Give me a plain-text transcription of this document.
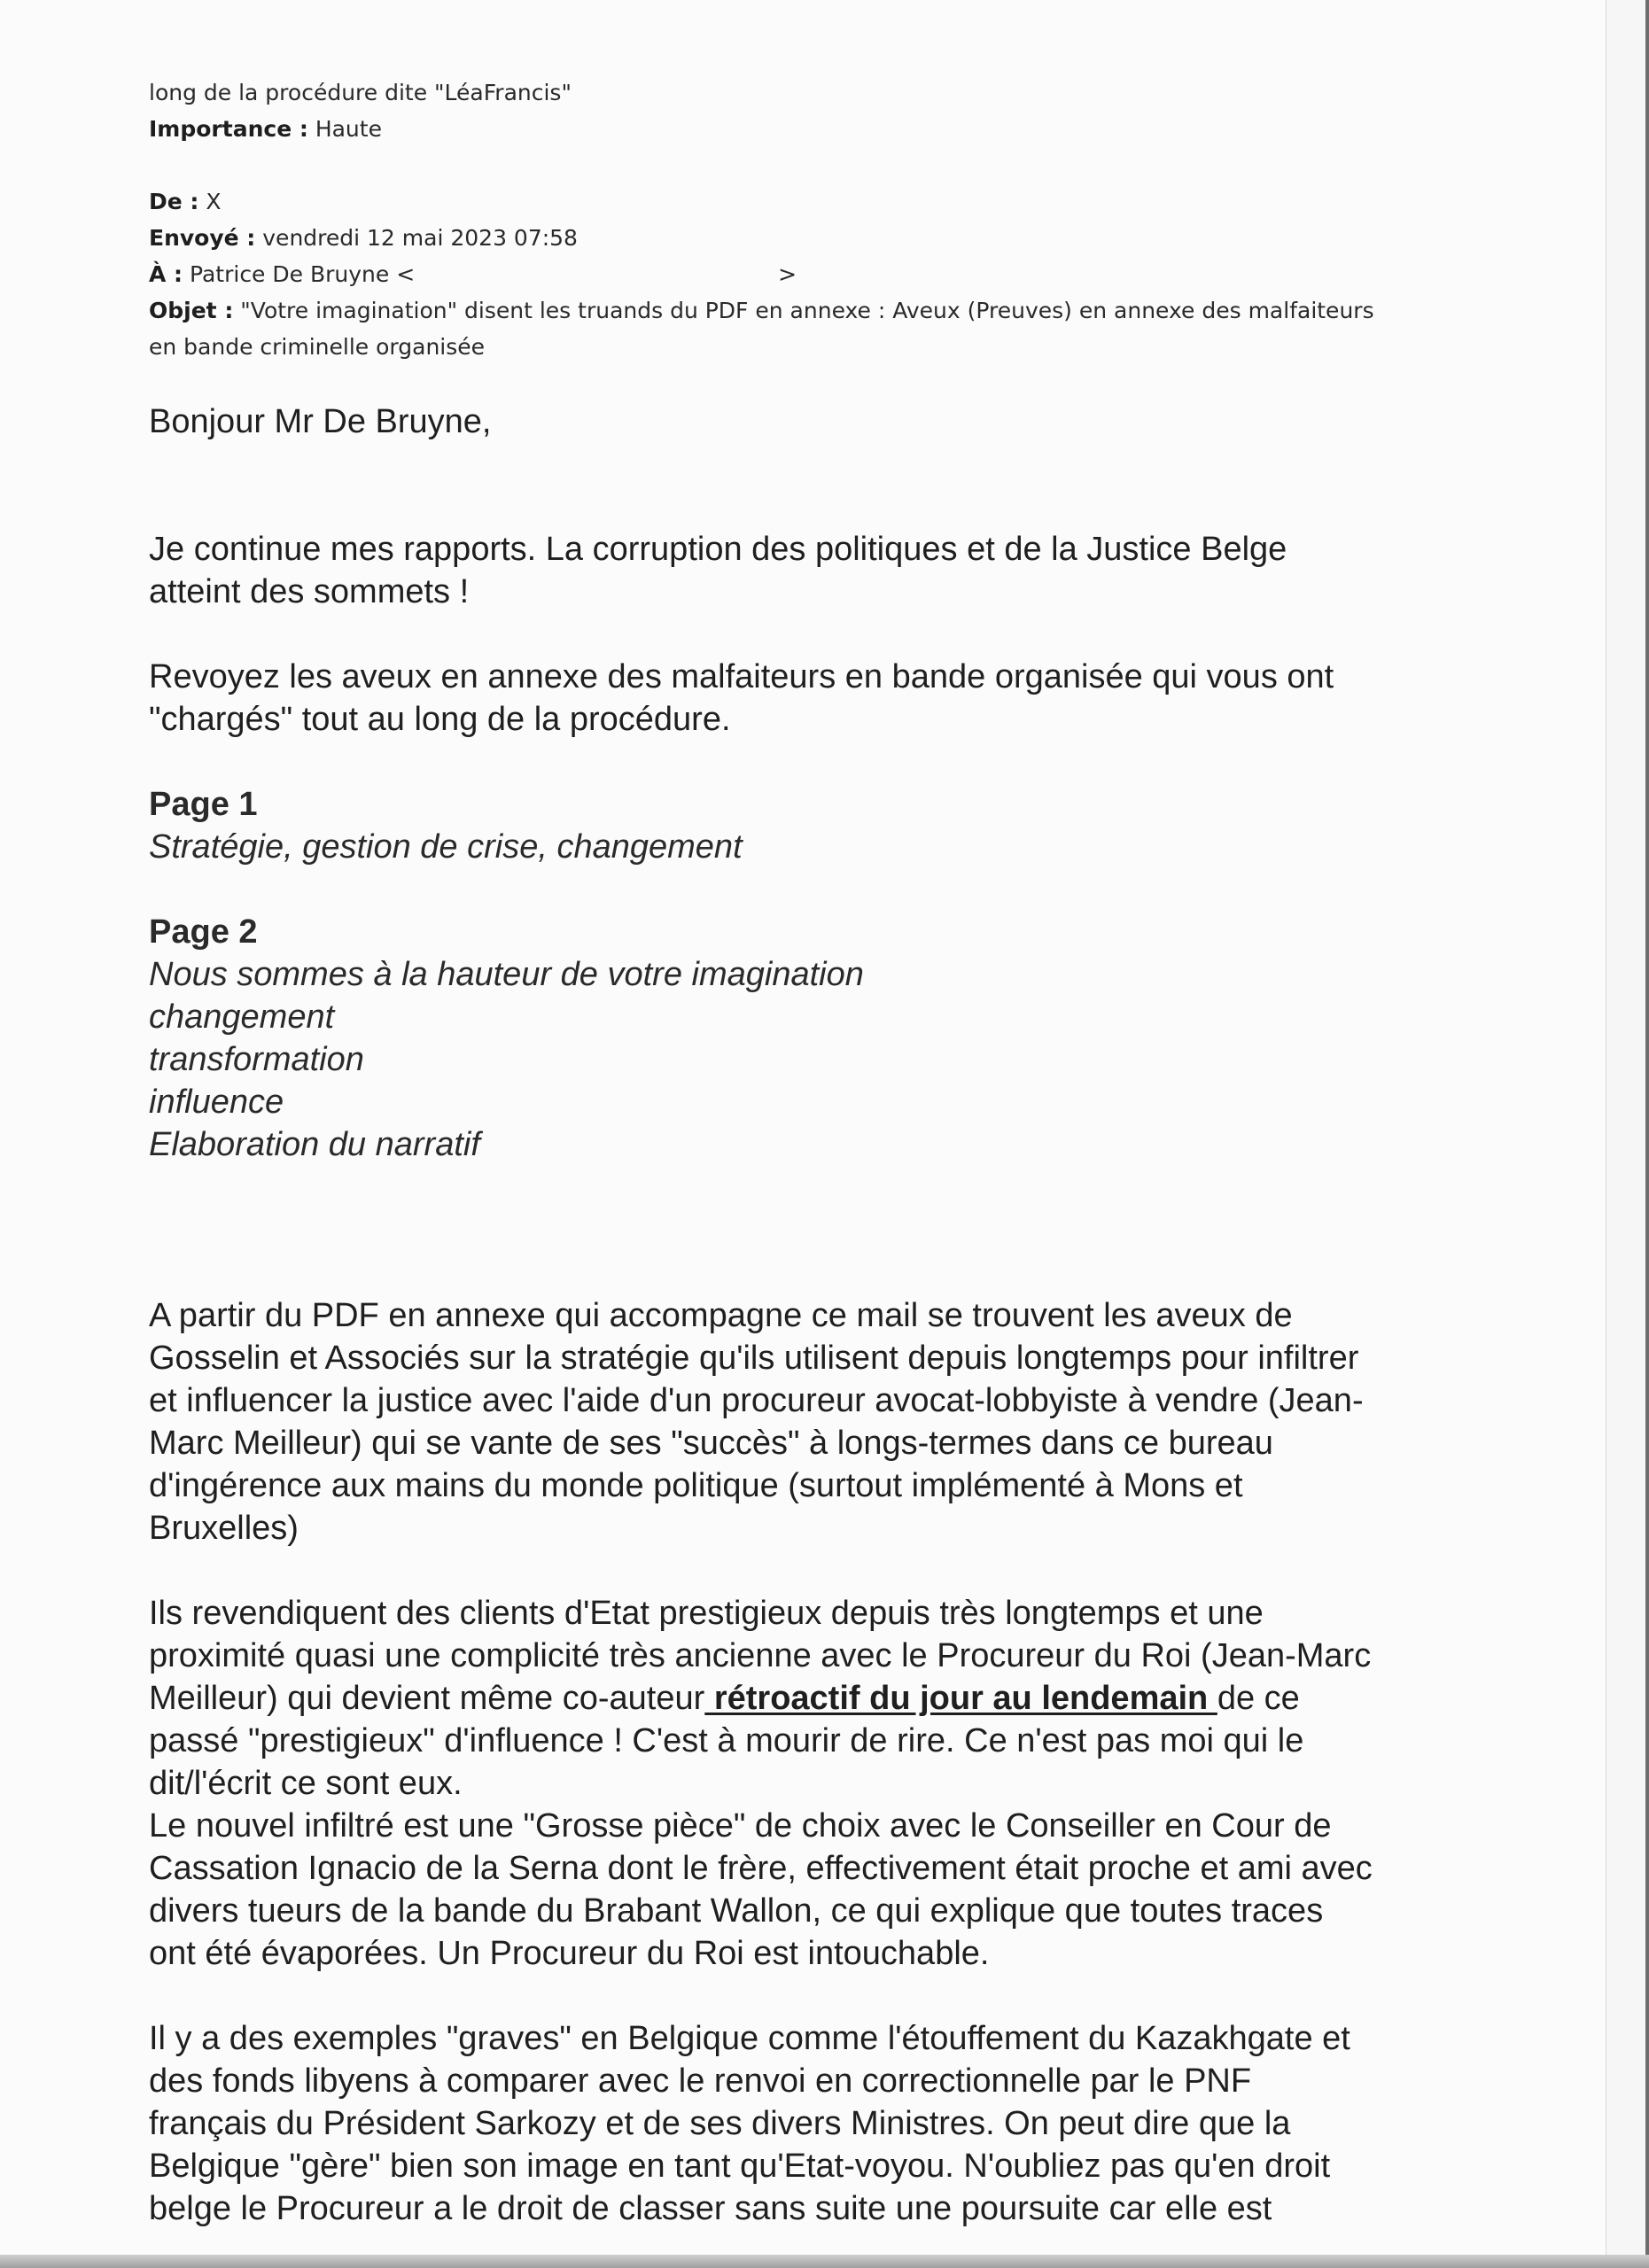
long de la procédure dite "LéaFrancis"
Importance : Haute
De : X
Envoyé : vendredi 12 mai 2023 07:58
À : Patrice De Bruyne <	>
Objet : "Votre imagination" disent les truands du PDF en annexe : Aveux (Preuves) en annexe des malfaiteurs
en bande criminelle organisée

Bonjour Mr De Bruyne,

Je continue mes rapports. La corruption des politiques et de la Justice Belge

atteint des sommets !

Revoyez les aveux en annexe des malfaiteurs en bande organisée qui vous ont

"chargés" tout au long de la procédure.

Page 1

Stratégie, gestion de crise, changement

Page 2

Nous sommes à la hauteur de votre imagination

changement

transformation

influence

Elaboration du narratif

A partir du PDF en annexe qui accompagne ce mail se trouvent les aveux de

Gosselin et Associés sur la stratégie qu'ils utilisent depuis longtemps pour infiltrer

et influencer la justice avec l'aide d'un procureur avocat-lobbyiste à vendre (Jean-

Marc Meilleur) qui se vante de ses "succès" à longs-termes dans ce bureau

d'ingérence aux mains du monde politique (surtout implémenté à Mons et

Bruxelles)

Ils revendiquent des clients d'Etat prestigieux depuis très longtemps et une

proximité quasi une complicité très ancienne avec le Procureur du Roi (Jean-Marc

Meilleur) qui devient même co-auteur rétroactif du jour au lendemain de ce

passé "prestigieux" d'influence ! C'est à mourir de rire. Ce n'est pas moi qui le

dit/l'écrit ce sont eux.

Le nouvel infiltré est une "Grosse pièce" de choix avec le Conseiller en Cour de

Cassation Ignacio de la Serna dont le frère, effectivement était proche et ami avec

divers tueurs de la bande du Brabant Wallon, ce qui explique que toutes traces

ont été évaporées. Un Procureur du Roi est intouchable.

Il y a des exemples "graves" en Belgique comme l'étouffement du Kazakhgate et

des fonds libyens à comparer avec le renvoi en correctionnelle par le PNF

français du Président Sarkozy et de ses divers Ministres. On peut dire que la

Belgique "gère" bien son image en tant qu'Etat-voyou. N'oubliez pas qu'en droit

belge le Procureur a le droit de classer sans suite une poursuite car elle est
